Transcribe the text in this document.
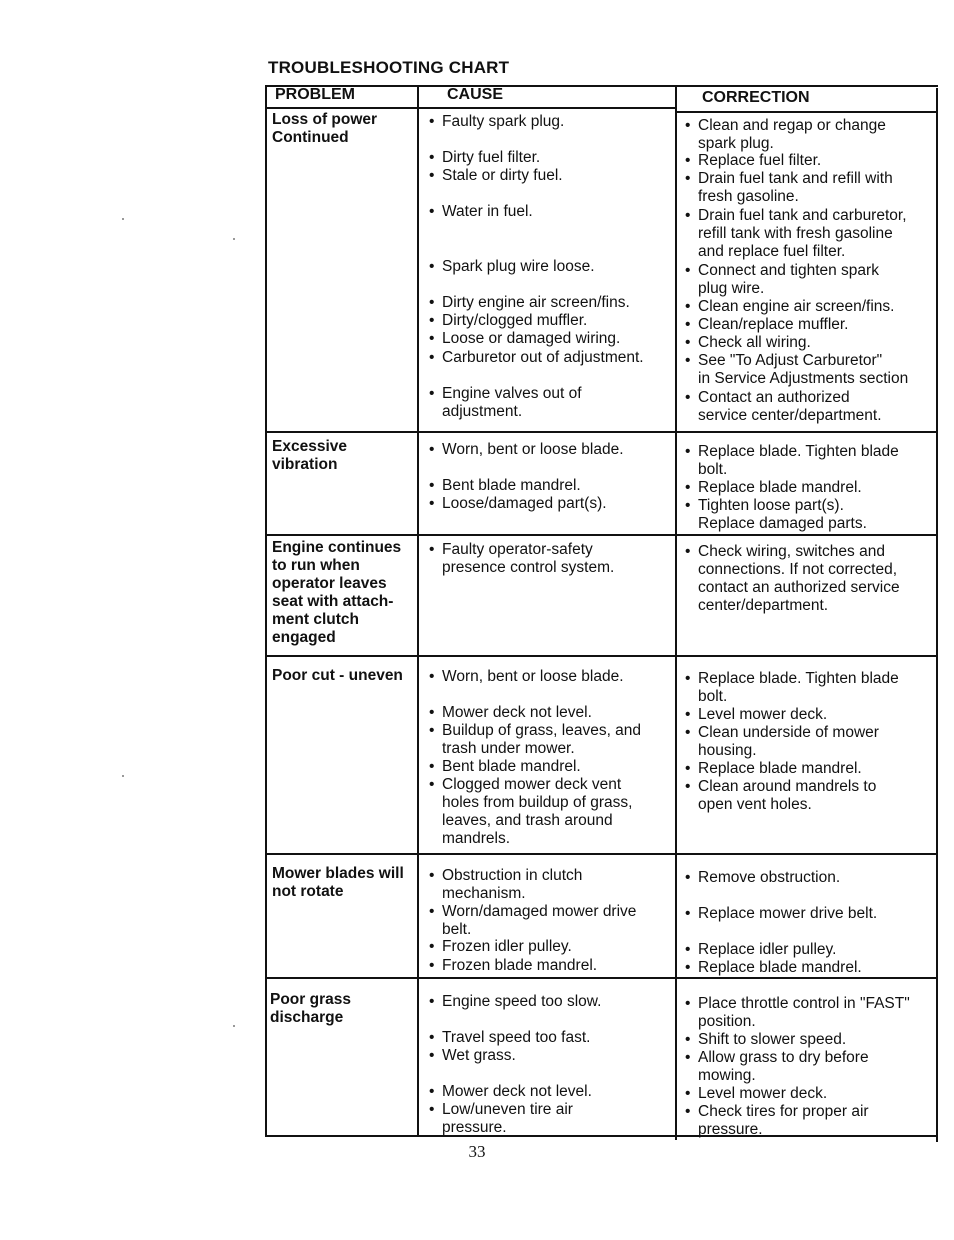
TROUBLESHOOTING CHART
PROBLEM	CAUSE	CORRECTION
Loss of power
Continued
• Faulty spark plug.
• Dirty fuel filter.
• Stale or dirty fuel.
• Water in fuel.
• Spark plug wire loose.
• Dirty engine air screen/fins.
• Dirty/clogged muffler.
• Loose or damaged wiring.
• Carburetor out of adjustment.
• Engine valves out of
adjustment.
• Clean and regap or change
spark plug.
• Replace fuel filter.
• Drain fuel tank and refill with
fresh gasoline.
• Drain fuel tank and carburetor,
refill tank with fresh gasoline
and replace fuel filter.
• Connect and tighten spark
plug wire.
• Clean engine air screen/fins.
• Clean/replace muffler.
• Check all wiring.
• See "To Adjust Carburetor"
in Service Adjustments section
• Contact an authorized
service center/department.
Excessive
vibration
• Worn, bent or loose blade.
• Bent blade mandrel.
• Loose/damaged part(s).
• Replace blade. Tighten blade
bolt.
• Replace blade mandrel.
• Tighten loose part(s).
Replace damaged parts.
Engine continues
to run when
operator leaves
seat with attach-
ment clutch
engaged
• Faulty operator-safety
presence control system.
• Check wiring, switches and
connections. If not corrected,
contact an authorized service
center/department.
Poor cut - uneven
•	Worn, bent or loose blade.
• Mower deck not level.
• Buildup of grass, leaves, and
trash under mower.
• Bent blade mandrel.
• Clogged mower deck vent
holes from buildup of grass,
leaves, and trash around
mandrels.
• Replace blade. Tighten blade
bolt.
• Level mower deck.
• Clean underside of mower
housing.
• Replace blade mandrel.
• Clean around mandrels to
open vent holes.
Mower blades will
not rotate
• Obstruction in clutch
mechanism.
• Worn/damaged mower drive
belt.
• Frozen idler pulley.
• Frozen blade mandrel.
• Remove obstruction.
• Replace mower drive belt.
• Replace idler pulley.
• Replace blade mandrel.
Poor grass
discharge
• Engine speed too slow.
• Travel speed too fast.
• Wet grass.
• Mower deck not level.
• Low/uneven tire air
pressure.
• Place throttle control in "FAST"
position.
• Shift to slower speed.
• Allow grass to dry before
mowing.
• Level mower deck.
• Check tires for proper air
pressure.
33
